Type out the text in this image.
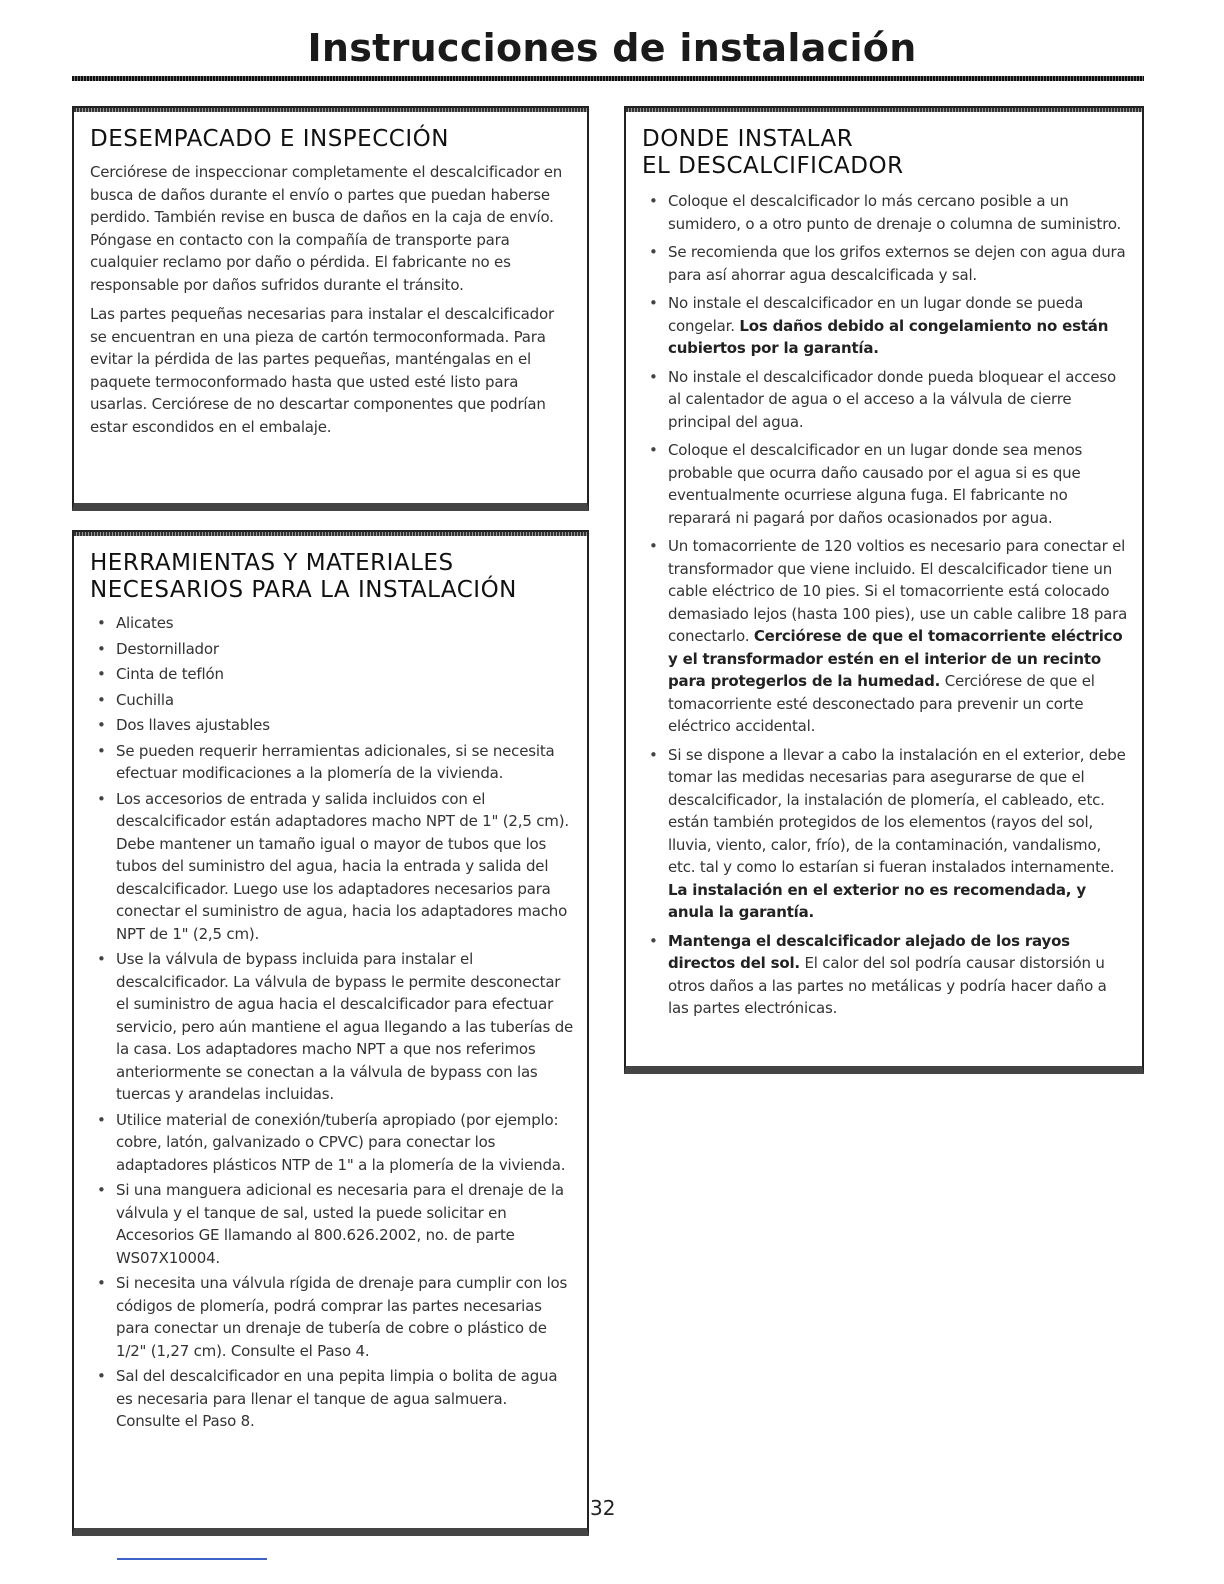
Instrucciones de instalación
DESEMPACADO E INSPECCIÓN

Cerciórese de inspeccionar completamente el descalcificador en busca de daños durante el envío o partes que puedan haberse perdido. También revise en busca de daños en la caja de envío. Póngase en contacto con la compañía de transporte para cualquier reclamo por daño o pérdida. El fabricante no es responsable por daños sufridos durante el tránsito.

Las partes pequeñas necesarias para instalar el descalcificador se encuentran en una pieza de cartón termoconformada. Para evitar la pérdida de las partes pequeñas, manténgalas en el paquete termoconformado hasta que usted esté listo para usarlas. Cerciórese de no descartar componentes que podrían estar escondidos en el embalaje.

HERRAMIENTAS Y MATERIALES
NECESARIOS PARA LA INSTALACIÓN
• Alicates
• Destornillador
• Cinta de teflón
• Cuchilla
• Dos llaves ajustables
• Se pueden requerir herramientas adicionales, si se necesita efectuar modificaciones a la plomería de la vivienda.
• Los accesorios de entrada y salida incluidos con el descalcificador están adaptadores macho NPT de 1" (2,5 cm). Debe mantener un tamaño igual o mayor de tubos que los tubos del suministro del agua, hacia la entrada y salida del descalcificador. Luego use los adaptadores necesarios para conectar el suministro de agua, hacia los adaptadores macho NPT de 1" (2,5 cm).
• Use la válvula de bypass incluida para instalar el descalcificador. La válvula de bypass le permite desconectar el suministro de agua hacia el descalcificador para efectuar servicio, pero aún mantiene el agua llegando a las tuberías de la casa. Los adaptadores macho NPT a que nos referimos anteriormente se conectan a la válvula de bypass con las tuercas y arandelas incluidas.
• Utilice material de conexión/tubería apropiado (por ejemplo: cobre, latón, galvanizado o CPVC) para conectar los adaptadores plásticos NTP de 1" a la plomería de la vivienda.
• Si una manguera adicional es necesaria para el drenaje de la válvula y el tanque de sal, usted la puede solicitar en Accesorios GE llamando al 800.626.2002, no. de parte WS07X10004.
• Si necesita una válvula rígida de drenaje para cumplir con los códigos de plomería, podrá comprar las partes necesarias para conectar un drenaje de tubería de cobre o plástico de 1/2" (1,27 cm). Consulte el Paso 4.
• Sal del descalcificador en una pepita limpia o bolita de agua es necesaria para llenar el tanque de agua salmuera. Consulte el Paso 8.
DONDE INSTALAR
EL DESCALCIFICADOR
• Coloque el descalcificador lo más cercano posible a un sumidero, o a otro punto de drenaje o columna de suministro.
• Se recomienda que los grifos externos se dejen con agua dura para así ahorrar agua descalcificada y sal.
• No instale el descalcificador en un lugar donde se pueda congelar. Los daños debido al congelamiento no están cubiertos por la garantía.
• No instale el descalcificador donde pueda bloquear el acceso al calentador de agua o el acceso a la válvula de cierre principal del agua.
• Coloque el descalcificador en un lugar donde sea menos probable que ocurra daño causado por el agua si es que eventualmente ocurriese alguna fuga. El fabricante no reparará ni pagará por daños ocasionados por agua.
• Un tomacorriente de 120 voltios es necesario para conectar el transformador que viene incluido. El descalcificador tiene un cable eléctrico de 10 pies. Si el tomacorriente está colocado demasiado lejos (hasta 100 pies), use un cable calibre 18 para conectarlo. Cerciórese de que el tomacorriente eléctrico y el transformador estén en el interior de un recinto para protegerlos de la humedad. Cerciórese de que el tomacorriente esté desconectado para prevenir un corte eléctrico accidental.
• Si se dispone a llevar a cabo la instalación en el exterior, debe tomar las medidas necesarias para asegurarse de que el descalcificador, la instalación de plomería, el cableado, etc. están también protegidos de los elementos (rayos del sol, lluvia, viento, calor, frío), de la contaminación, vandalismo, etc. tal y como lo estarían si fueran instalados internamente. La instalación en el exterior no es recomendada, y anula la garantía.
• Mantenga el descalcificador alejado de los rayos directos del sol. El calor del sol podría causar distorsión u otros daños a las partes no metálicas y podría hacer daño a las partes electrónicas.
32
